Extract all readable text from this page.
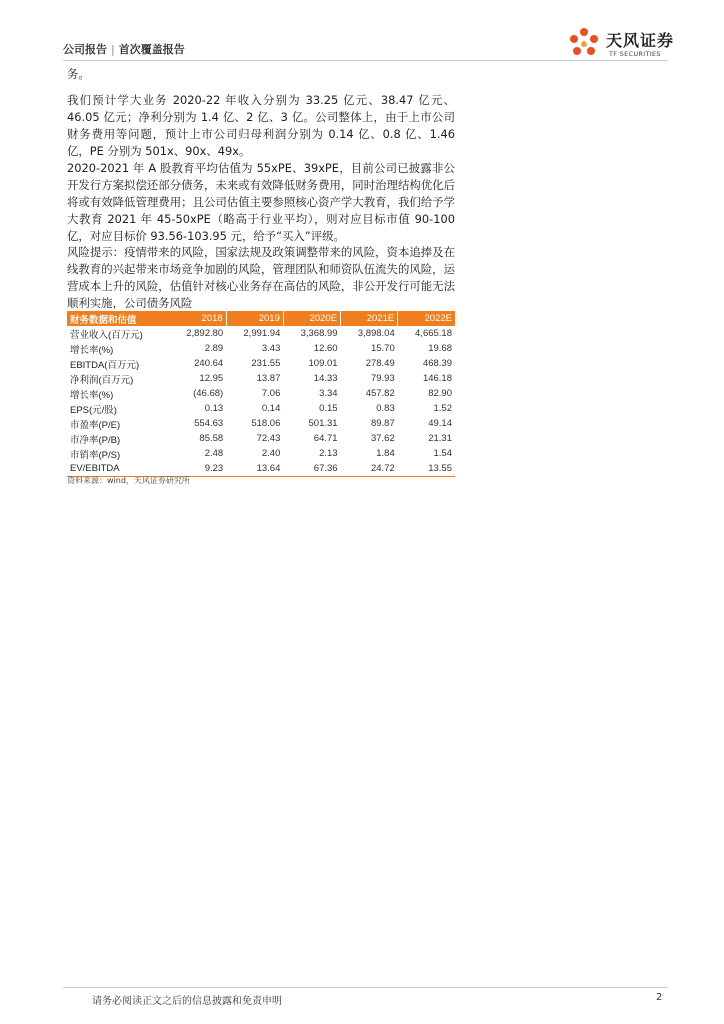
公司报告 | 首次覆盖报告	天风证券
TF SECURITIES
务。
我们预计学大业务 2020-22 年收入分别为 33.25 亿元、38.47 亿元、46.05 亿元；净利分别为 1.4 亿、2 亿、3 亿。公司整体上，由于上市公司财务费用等问题，预计上市公司归母利润分别为 0.14 亿、0.8 亿、1.46 亿，PE 分别为 501x、90x、49x。
2020-2021 年 A 股教育平均估值为 55xPE、39xPE，目前公司已披露非公开发行方案拟偿还部分债务，未来或有效降低财务费用，同时治理结构优化后将或有效降低管理费用；且公司估值主要参照核心资产学大教育，我们给予学大教育 2021 年 45-50xPE（略高于行业平均），则对应目标市值 90-100 亿，对应目标价 93.56-103.95 元，给予“买入”评级。
风险提示：疫情带来的风险，国家法规及政策调整带来的风险，资本追捧及在线教育的兴起带来市场竞争加剧的风险，管理团队和师资队伍流失的风险，运营成本上升的风险，估值针对核心业务存在高估的风险，非公开发行可能无法顺利实施，公司债务风险
财务数据和估值	2018	2019	2020E	2021E	2022E
营业收入(百万元)	2,892.80	2,991.94	3,368.99	3,898.04	4,665.18
增长率(%)	2.89	3.43	12.60	15.70	19.68
EBITDA(百万元)	240.64	231.55	109.01	278.49	468.39
净利润(百万元)	12.95	13.87	14.33	79.93	146.18
增长率(%)	(46.68)	7.06	3.34	457.82	82.90
EPS(元/股)	0.13	0.14	0.15	0.83	1.52
市盈率(P/E)	554.63	518.06	501.31	89.87	49.14
市净率(P/B)	85.58	72.43	64.71	37.62	21.31
市销率(P/S)	2.48	2.40	2.13	1.84	1.54
EV/EBITDA	9.23	13.64	67.36	24.72	13.55
资料来源：wind，天风证券研究所
请务必阅读正文之后的信息披露和免责申明	2
